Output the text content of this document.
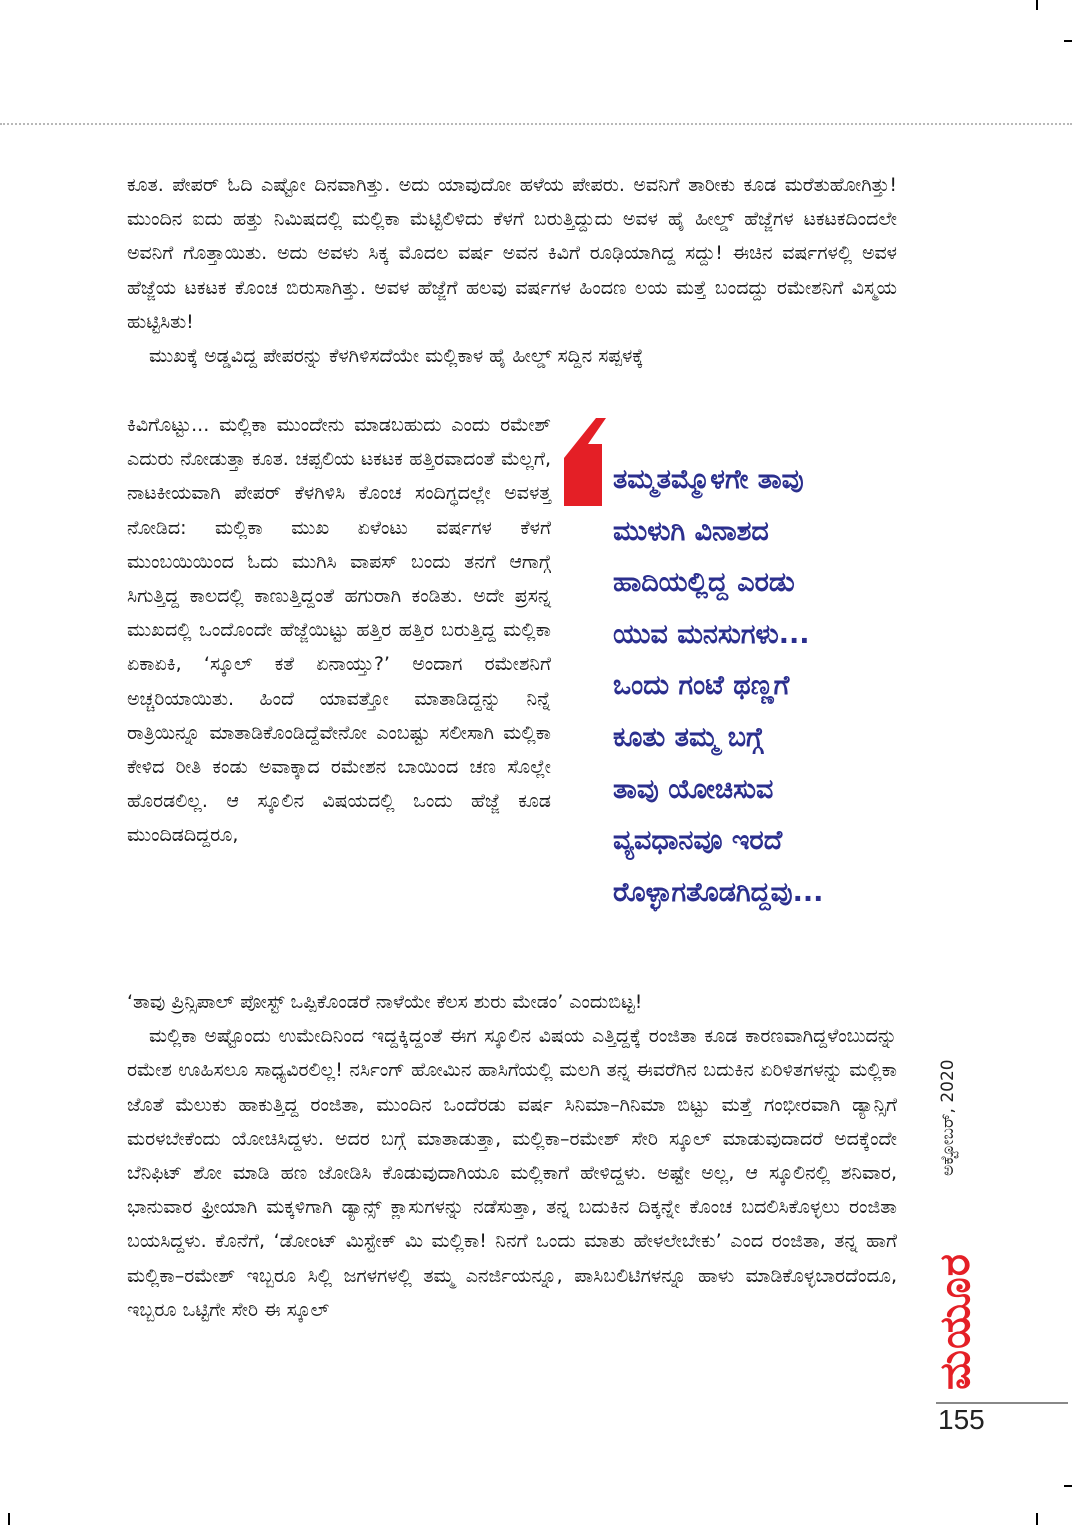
ಕೂತ. ಪೇಪರ್ ಓದಿ ಎಷ್ಟೋ ದಿನವಾಗಿತ್ತು. ಅದು ಯಾವುದೋ ಹಳೆಯ ಪೇಪರು. ಅವನಿಗೆ ತಾರೀಕು ಕೂಡ ಮರೆತುಹೋಗಿತ್ತು! ಮುಂದಿನ ಐದು ಹತ್ತು ನಿಮಿಷದಲ್ಲಿ ಮಲ್ಲಿಕಾ ಮೆಟ್ಟಿಲಿಳಿದು ಕೆಳಗೆ ಬರುತ್ತಿದ್ದುದು ಅವಳ ಹೈ ಹೀಲ್ಡ್ ಹೆಜ್ಜೆಗಳ ಟಕಟಕದಿಂದಲೇ ಅವನಿಗೆ ಗೊತ್ತಾಯಿತು. ಅದು ಅವಳು ಸಿಕ್ಕ ಮೊದಲ ವರ್ಷ ಅವನ ಕಿವಿಗೆ ರೂಢಿಯಾಗಿದ್ದ ಸದ್ದು! ಈಚಿನ ವರ್ಷಗಳಲ್ಲಿ ಅವಳ ಹೆಜ್ಜೆಯ ಟಕಟಕ ಕೊಂಚ ಬಿರುಸಾಗಿತ್ತು. ಅವಳ ಹೆಜ್ಜೆಗೆ ಹಲವು ವರ್ಷಗಳ ಹಿಂದಣ ಲಯ ಮತ್ತೆ ಬಂದದ್ದು ರಮೇಶನಿಗೆ ವಿಸ್ಮಯ ಹುಟ್ಟಿಸಿತು!

ಮುಖಕ್ಕೆ ಅಡ್ಡವಿದ್ದ ಪೇಪರನ್ನು ಕೆಳಗಿಳಿಸದೆಯೇ ಮಲ್ಲಿಕಾಳ ಹೈ ಹೀಲ್ಡ್ ಸದ್ದಿನ ಸಪ್ಪಳಕ್ಕೆ

ಕಿವಿಗೊಟ್ಟು... ಮಲ್ಲಿಕಾ ಮುಂದೇನು ಮಾಡಬಹುದು ಎಂದು ರಮೇಶ್ ಎದುರು ನೋಡುತ್ತಾ ಕೂತ. ಚಪ್ಪಲಿಯ ಟಕಟಕ ಹತ್ತಿರವಾದಂತೆ ಮೆಲ್ಲಗೆ, ನಾಟಕೀಯವಾಗಿ ಪೇಪರ್ ಕೆಳಗಿಳಿಸಿ ಕೊಂಚ ಸಂದಿಗ್ಧದಲ್ಲೇ ಅವಳತ್ತ ನೋಡಿದ: ಮಲ್ಲಿಕಾ ಮುಖ ಏಳೆಂಟು ವರ್ಷಗಳ ಕೆಳಗೆ ಮುಂಬಯಿಯಿಂದ ಓದು ಮುಗಿಸಿ ವಾಪಸ್ ಬಂದು ತನಗೆ ಆಗಾಗ್ಗೆ ಸಿಗುತ್ತಿದ್ದ ಕಾಲದಲ್ಲಿ ಕಾಣುತ್ತಿದ್ದಂತೆ ಹಗುರಾಗಿ ಕಂಡಿತು. ಅದೇ ಪ್ರಸನ್ನ ಮುಖದಲ್ಲಿ ಒಂದೊಂದೇ ಹೆಜ್ಜೆಯಿಟ್ಟು ಹತ್ತಿರ ಹತ್ತಿರ ಬರುತ್ತಿದ್ದ ಮಲ್ಲಿಕಾ ಏಕಾಏಕಿ, ‘ಸ್ಕೂಲ್ ಕತೆ ಏನಾಯ್ತು?’ ಅಂದಾಗ ರಮೇಶನಿಗೆ ಅಚ್ಚರಿಯಾಯಿತು. ಹಿಂದೆ ಯಾವತ್ತೋ ಮಾತಾಡಿದ್ದನ್ನು ನಿನ್ನೆ ರಾತ್ರಿಯಿನ್ನೂ ಮಾತಾಡಿಕೊಂಡಿದ್ದೆವೇನೋ ಎಂಬಷ್ಟು ಸಲೀಸಾಗಿ ಮಲ್ಲಿಕಾ ಕೇಳಿದ ರೀತಿ ಕಂಡು ಅವಾಕ್ಕಾದ ರಮೇಶನ ಬಾಯಿಂದ ಚಣ ಸೊಲ್ಲೇ ಹೊರಡಲಿಲ್ಲ. ಆ ಸ್ಕೂಲಿನ ವಿಷಯದಲ್ಲಿ ಒಂದು ಹೆಜ್ಜೆ ಕೂಡ ಮುಂದಿಡದಿದ್ದರೂ,

ತಮ್ಮತಮ್ಮೊಳಗೇ ತಾವು
ಮುಳುಗಿ ವಿನಾಶದ
ಹಾದಿಯಲ್ಲಿದ್ದ ಎರಡು
ಯುವ ಮನಸುಗಳು...
ಒಂದು ಗಂಟೆ ಥಣ್ಣಗೆ
ಕೂತು ತಮ್ಮ ಬಗ್ಗೆ
ತಾವು ಯೋಚಿಸುವ
ವ್ಯವಧಾನವೂ ಇರದೆ
ರೊಳ್ಳಾಗತೊಡಗಿದ್ದವು...

‘ತಾವು ಪ್ರಿನ್ಸಿಪಾಲ್ ಪೋಸ್ಟ್ ಒಪ್ಪಿಕೊಂಡರೆ ನಾಳೆಯೇ ಕೆಲಸ ಶುರು ಮೇಡಂ’ ಎಂದುಬಿಟ್ಟ!

ಮಲ್ಲಿಕಾ ಅಷ್ಟೊಂದು ಉಮೇದಿನಿಂದ ಇದ್ದಕ್ಕಿದ್ದಂತೆ ಈಗ ಸ್ಕೂಲಿನ ವಿಷಯ ಎತ್ತಿದ್ದಕ್ಕೆ ರಂಜಿತಾ ಕೂಡ ಕಾರಣವಾಗಿದ್ದಳೆಂಬುದನ್ನು ರಮೇಶ ಊಹಿಸಲೂ ಸಾಧ್ಯವಿರಲಿಲ್ಲ! ನರ್ಸಿಂಗ್ ಹೋಮಿನ ಹಾಸಿಗೆಯಲ್ಲಿ ಮಲಗಿ ತನ್ನ ಈವರೆಗಿನ ಬದುಕಿನ ಏರಿಳಿತಗಳನ್ನು ಮಲ್ಲಿಕಾ ಜೊತೆ ಮೆಲುಕು ಹಾಕುತ್ತಿದ್ದ ರಂಜಿತಾ, ಮುಂದಿನ ಒಂದೆರಡು ವರ್ಷ ಸಿನಿಮಾ–ಗಿನಿಮಾ ಬಿಟ್ಟು ಮತ್ತೆ ಗಂಭೀರವಾಗಿ ಡ್ಯಾನ್ಸಿಗೆ ಮರಳಬೇಕೆಂದು ಯೋಚಿಸಿದ್ದಳು. ಅದರ ಬಗ್ಗೆ ಮಾತಾಡುತ್ತಾ, ಮಲ್ಲಿಕಾ–ರಮೇಶ್ ಸೇರಿ ಸ್ಕೂಲ್ ಮಾಡುವುದಾದರೆ ಅದಕ್ಕೆಂದೇ ಬೆನಿಫಿಟ್ ಶೋ ಮಾಡಿ ಹಣ ಜೋಡಿಸಿ ಕೊಡುವುದಾಗಿಯೂ ಮಲ್ಲಿಕಾಗೆ ಹೇಳಿದ್ದಳು. ಅಷ್ಟೇ ಅಲ್ಲ, ಆ ಸ್ಕೂಲಿನಲ್ಲಿ ಶನಿವಾರ, ಭಾನುವಾರ ಫ್ರೀಯಾಗಿ ಮಕ್ಕಳಿಗಾಗಿ ಡ್ಯಾನ್ಸ್ ಕ್ಲಾಸುಗಳನ್ನು ನಡೆಸುತ್ತಾ, ತನ್ನ ಬದುಕಿನ ದಿಕ್ಕನ್ನೇ ಕೊಂಚ ಬದಲಿಸಿಕೊಳ್ಳಲು ರಂಜಿತಾ ಬಯಸಿದ್ದಳು. ಕೊನೆಗೆ, ‘ಡೋಂಟ್ ಮಿಸ್ಟೇಕ್ ಮಿ ಮಲ್ಲಿಕಾ! ನಿನಗೆ ಒಂದು ಮಾತು ಹೇಳಲೇಬೇಕು’ ಎಂದ ರಂಜಿತಾ, ತನ್ನ ಹಾಗೆ ಮಲ್ಲಿಕಾ–ರಮೇಶ್ ಇಬ್ಬರೂ ಸಿಲ್ಲಿ ಜಗಳಗಳಲ್ಲಿ ತಮ್ಮ ಎನರ್ಜಿಯನ್ನೂ, ಪಾಸಿಬಲಿಟಿಗಳನ್ನೂ ಹಾಳು ಮಾಡಿಕೊಳ್ಳಬಾರದೆಂದೂ, ಇಬ್ಬರೂ ಒಟ್ಟಿಗೇ ಸೇರಿ ಈ ಸ್ಕೂಲ್

ಅಕ್ಟೋಬರ್, 2020
ಮಯೂರ
155
